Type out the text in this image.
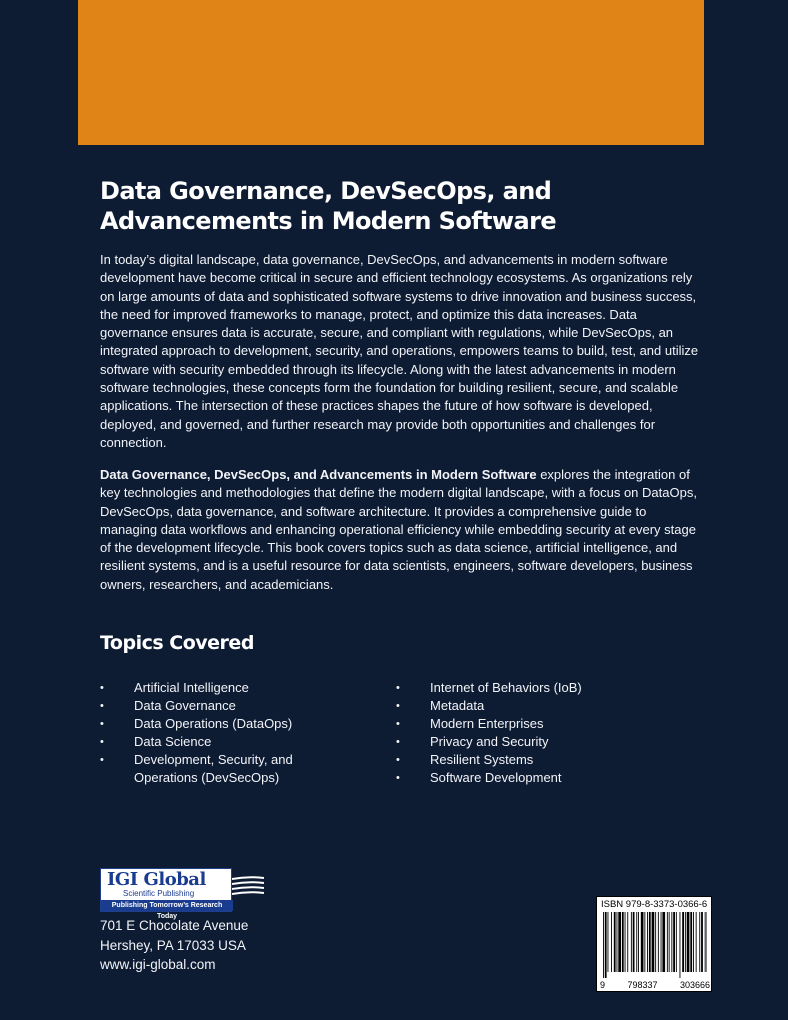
Data Governance, DevSecOps, and Advancements in Modern Software

In today’s digital landscape, data governance, DevSecOps, and advancements in modern software development have become critical in secure and efficient technology ecosystems. As organizations rely on large amounts of data and sophisticated software systems to drive innovation and business success, the need for improved frameworks to manage, protect, and optimize this data increases. Data governance ensures data is accurate, secure, and compliant with regulations, while DevSecOps, an integrated approach to development, security, and operations, empowers teams to build, test, and utilize software with security embedded through its lifecycle. Along with the latest advancements in modern software technologies, these concepts form the foundation for building resilient, secure, and scalable applications. The intersection of these practices shapes the future of how software is developed, deployed, and governed, and further research may provide both opportunities and challenges for connection.

Data Governance, DevSecOps, and Advancements in Modern Software explores the integration of key technologies and methodologies that define the modern digital landscape, with a focus on DataOps, DevSecOps, data governance, and software architecture. It provides a comprehensive guide to managing data workflows and enhancing operational efficiency while embedding security at every stage of the development lifecycle. This book covers topics such as data science, artificial intelligence, and resilient systems, and is a useful resource for data scientists, engineers, software developers, business owners, researchers, and academicians.

Topics Covered
• Artificial Intelligence
• Data Governance
• Data Operations (DataOps)
• Data Science
• Development, Security, and Operations (DevSecOps)
• Internet of Behaviors (IoB)
• Metadata
• Modern Enterprises
• Privacy and Security
• Resilient Systems
• Software Development
IGI Global
Scientific Publishing
Publishing Tomorrow’s Research Today
701 E Chocolate Avenue
Hershey, PA 17033 USA
www.igi-global.com
ISBN 979-8-3373-0366-6
9 798337 303666
